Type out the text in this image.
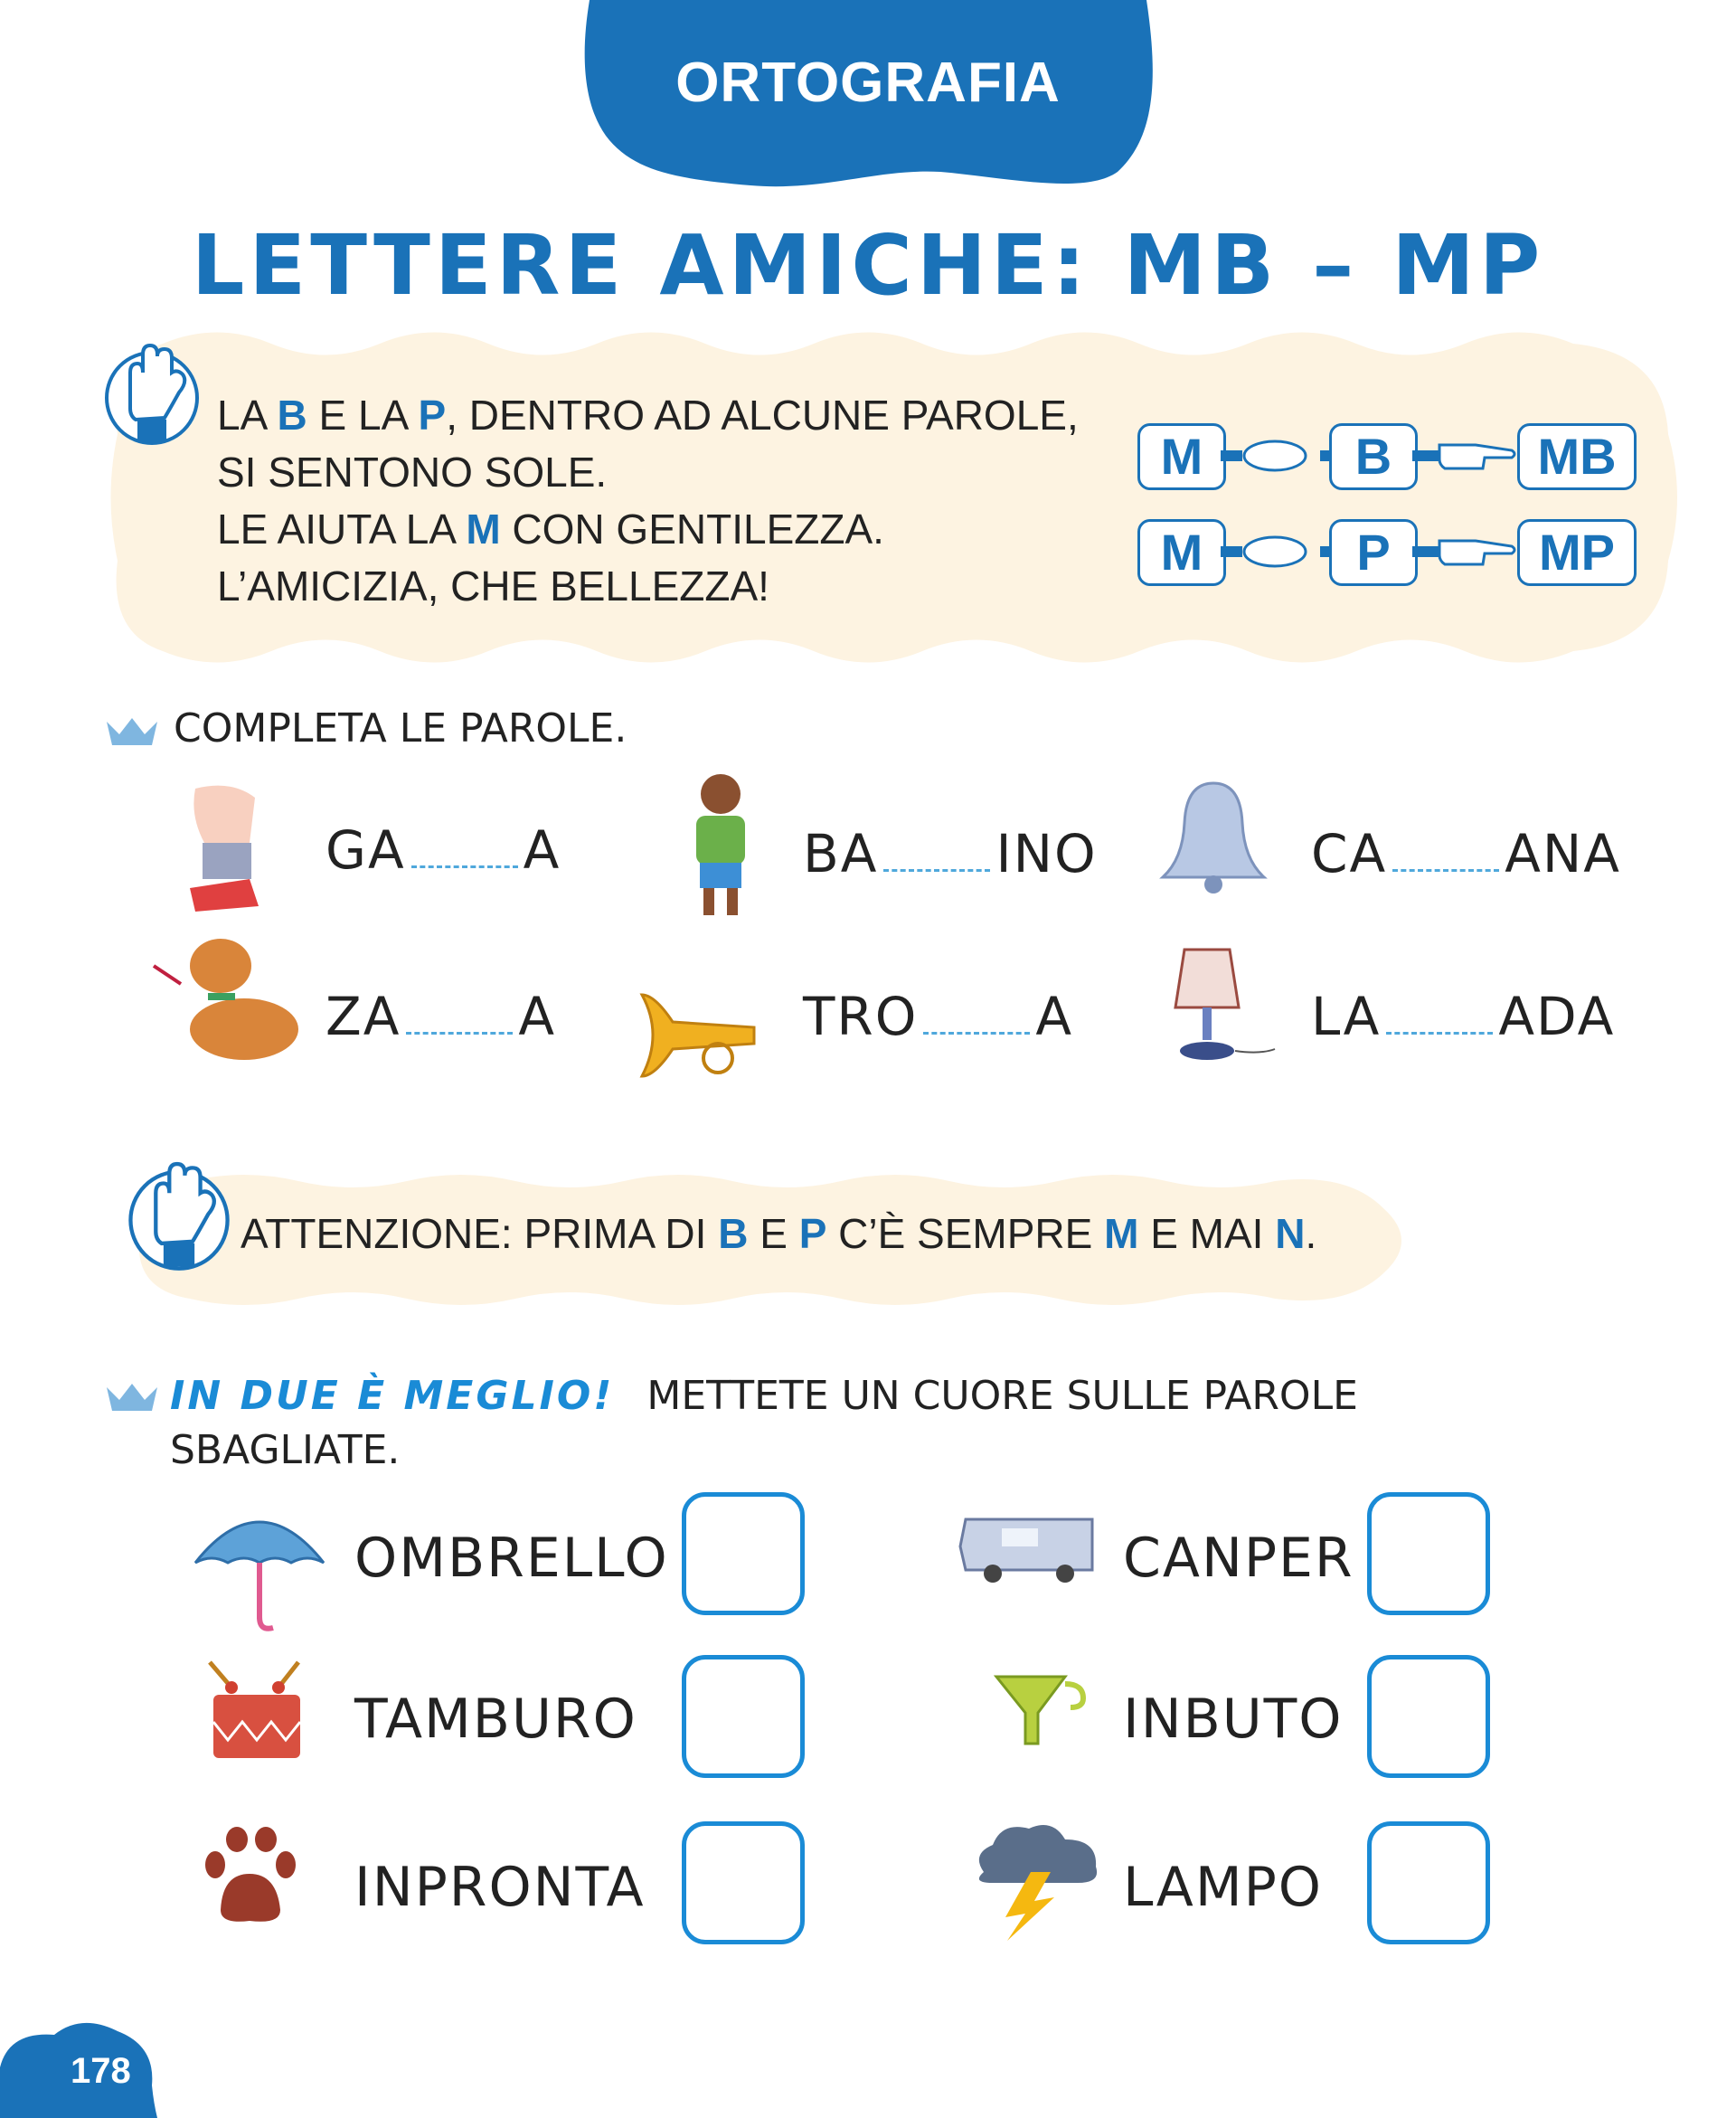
ORTOGRAFIA
LETTERE AMICHE: MB – MP
LA B E LA P, DENTRO AD ALCUNE PAROLE,
SI SENTONO SOLE.
LE AIUTA LA M CON GENTILEZZA.
L’AMICIZIA, CHE BELLEZZA!
M	B	MB
M	P	MP
COMPLETA LE PAROLE.
GA A	BA INO	CA ANA
ZA A	TRO A	LA ADA
ATTENZIONE: PRIMA DI B E P C’È SEMPRE M E MAI N.
IN DUE È MEGLIO! METTETE UN CUORE SULLE PAROLE
SBAGLIATE.
OMBRELLO	CANPER
TAMBURO	INBUTO
INPRONTA	LAMPO
178
